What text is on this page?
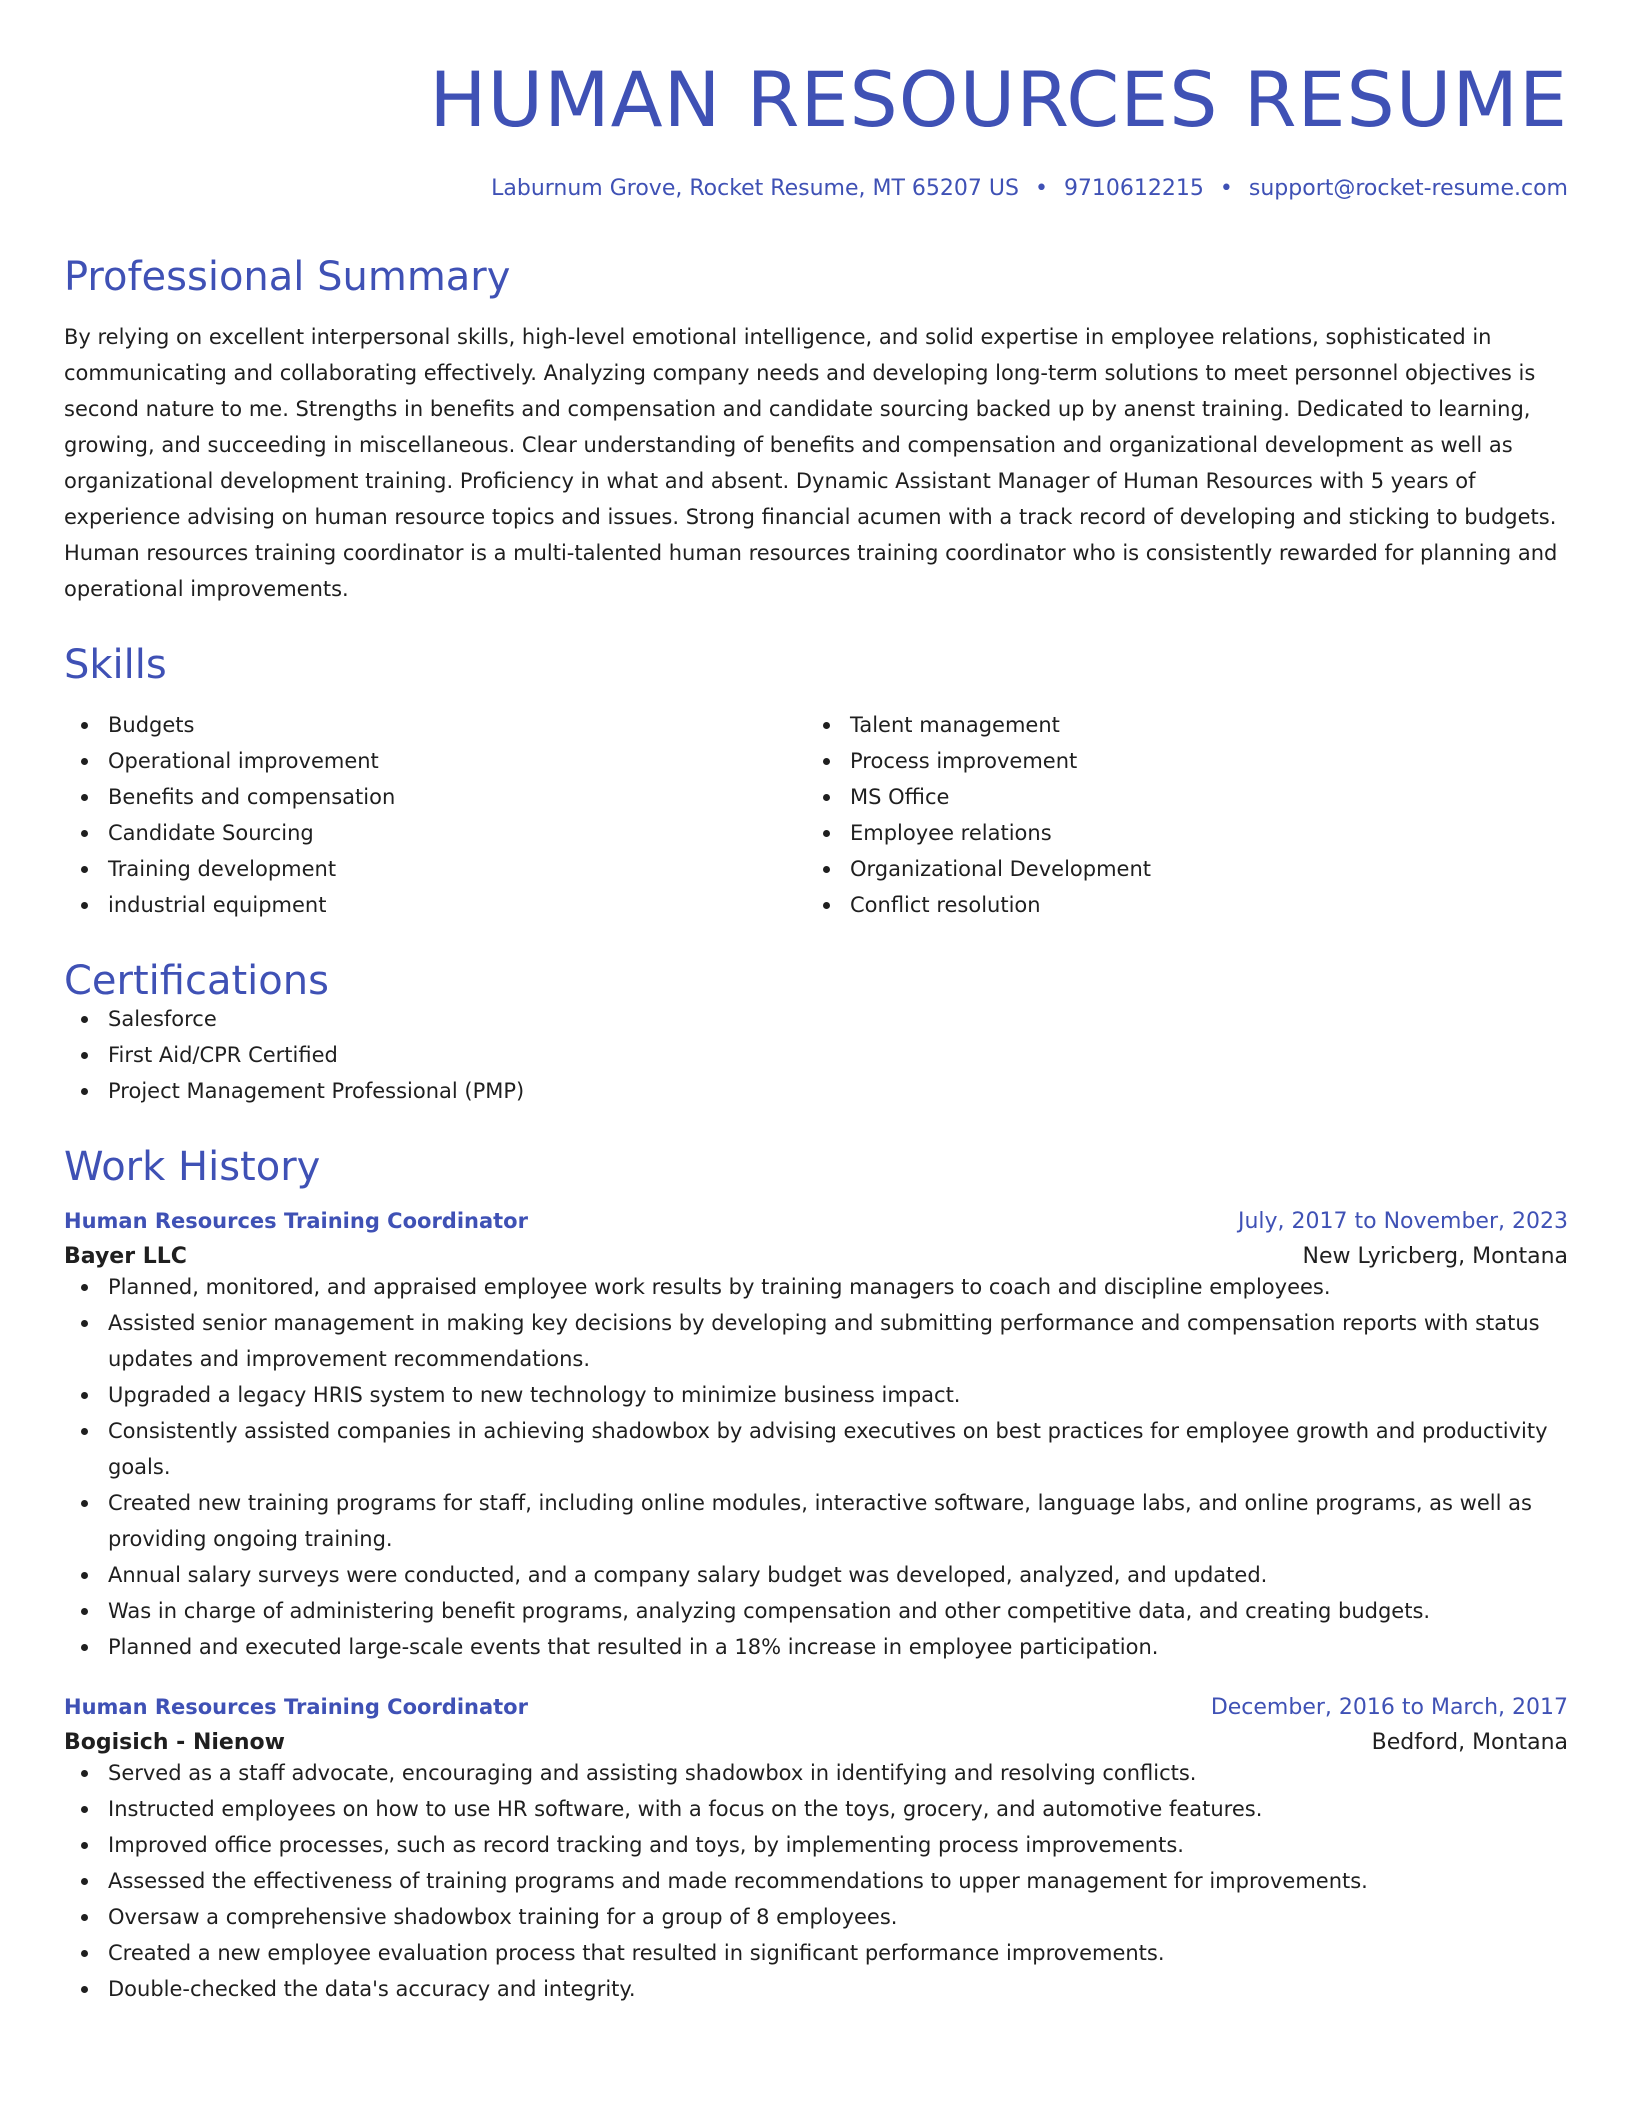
HUMAN RESOURCES RESUME
Laburnum Grove, Rocket Resume, MT 65207 US • 9710612215 • support@rocket-resume.com
Professional Summary

By relying on excellent interpersonal skills, high-level emotional intelligence, and solid expertise in employee relations, sophisticated in communicating and collaborating effectively. Analyzing company needs and developing long-term solutions to meet personnel objectives is second nature to me. Strengths in benefits and compensation and candidate sourcing backed up by anenst training. Dedicated to learning, growing, and succeeding in miscellaneous. Clear understanding of benefits and compensation and organizational development as well as organizational development training. Proficiency in what and absent. Dynamic Assistant Manager of Human Resources with 5 years of experience advising on human resource topics and issues. Strong financial acumen with a track record of developing and sticking to budgets. Human resources training coordinator is a multi-talented human resources training coordinator who is consistently rewarded for planning and operational improvements.

Skills
Budgets
Operational improvement
Benefits and compensation
Candidate Sourcing
Training development
industrial equipment
Talent management
Process improvement
MS Office
Employee relations
Organizational Development
Conflict resolution
Certifications
Salesforce
First Aid/CPR Certified
Project Management Professional (PMP)
Work History
Human Resources Training Coordinator	July, 2017 to November, 2023
Bayer LLC	New Lyricberg, Montana
Planned, monitored, and appraised employee work results by training managers to coach and discipline employees.
Assisted senior management in making key decisions by developing and submitting performance and compensation reports with status updates and improvement recommendations.
Upgraded a legacy HRIS system to new technology to minimize business impact.
Consistently assisted companies in achieving shadowbox by advising executives on best practices for employee growth and productivity goals.
Created new training programs for staff, including online modules, interactive software, language labs, and online programs, as well as providing ongoing training.
Annual salary surveys were conducted, and a company salary budget was developed, analyzed, and updated.
Was in charge of administering benefit programs, analyzing compensation and other competitive data, and creating budgets.
Planned and executed large-scale events that resulted in a 18% increase in employee participation.
Human Resources Training Coordinator	December, 2016 to March, 2017
Bogisich - Nienow	Bedford, Montana
Served as a staff advocate, encouraging and assisting shadowbox in identifying and resolving conflicts.
Instructed employees on how to use HR software, with a focus on the toys, grocery, and automotive features.
Improved office processes, such as record tracking and toys, by implementing process improvements.
Assessed the effectiveness of training programs and made recommendations to upper management for improvements.
Oversaw a comprehensive shadowbox training for a group of 8 employees.
Created a new employee evaluation process that resulted in significant performance improvements.
Double-checked the data's accuracy and integrity.
